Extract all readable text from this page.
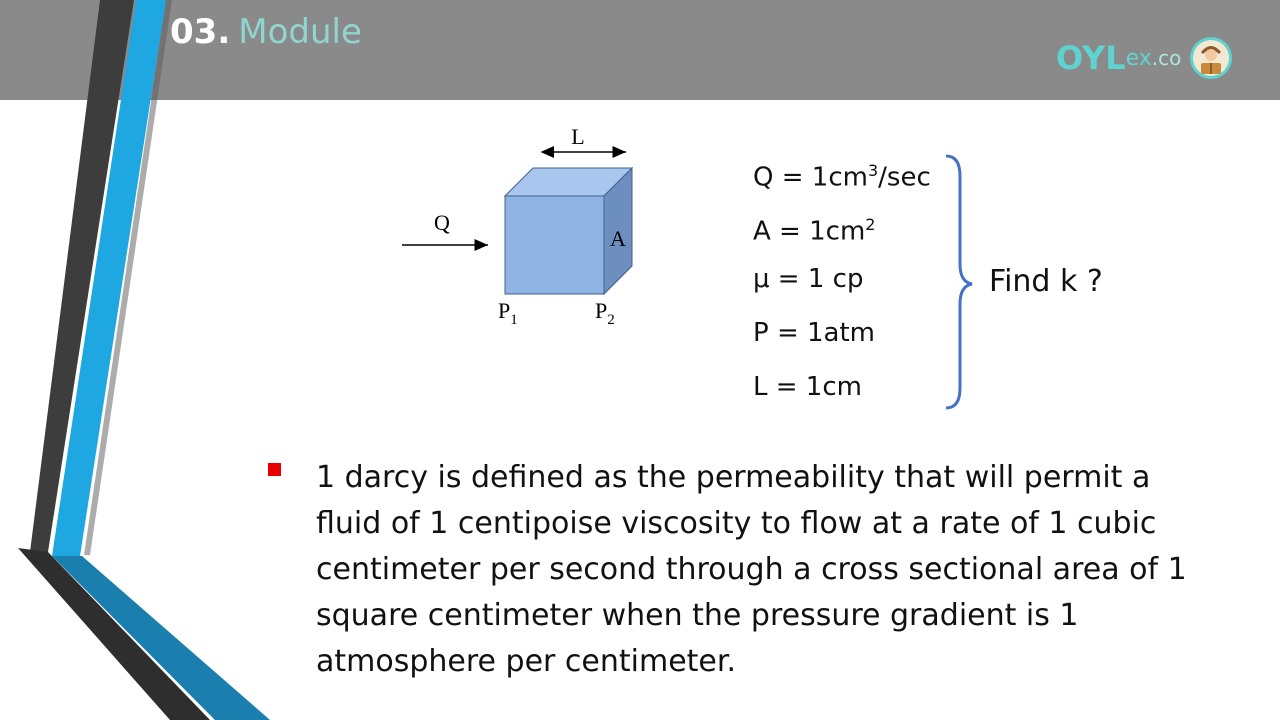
03. Module
OYL ex .co
L
Q
A
$P_1$	$P_2$
$Q = 1cm^3/\sec$
$A = 1cm^2$
μ = 1 cp
P = 1atm
L = 1cm
Find k ?
1 darcy is defined as the permeability that will permit a fluid of 1 centipoise viscosity to flow at a rate of 1 cubic centimeter per second through a cross sectional area of 1 square centimeter when the pressure gradient is 1 atmosphere per centimeter.
